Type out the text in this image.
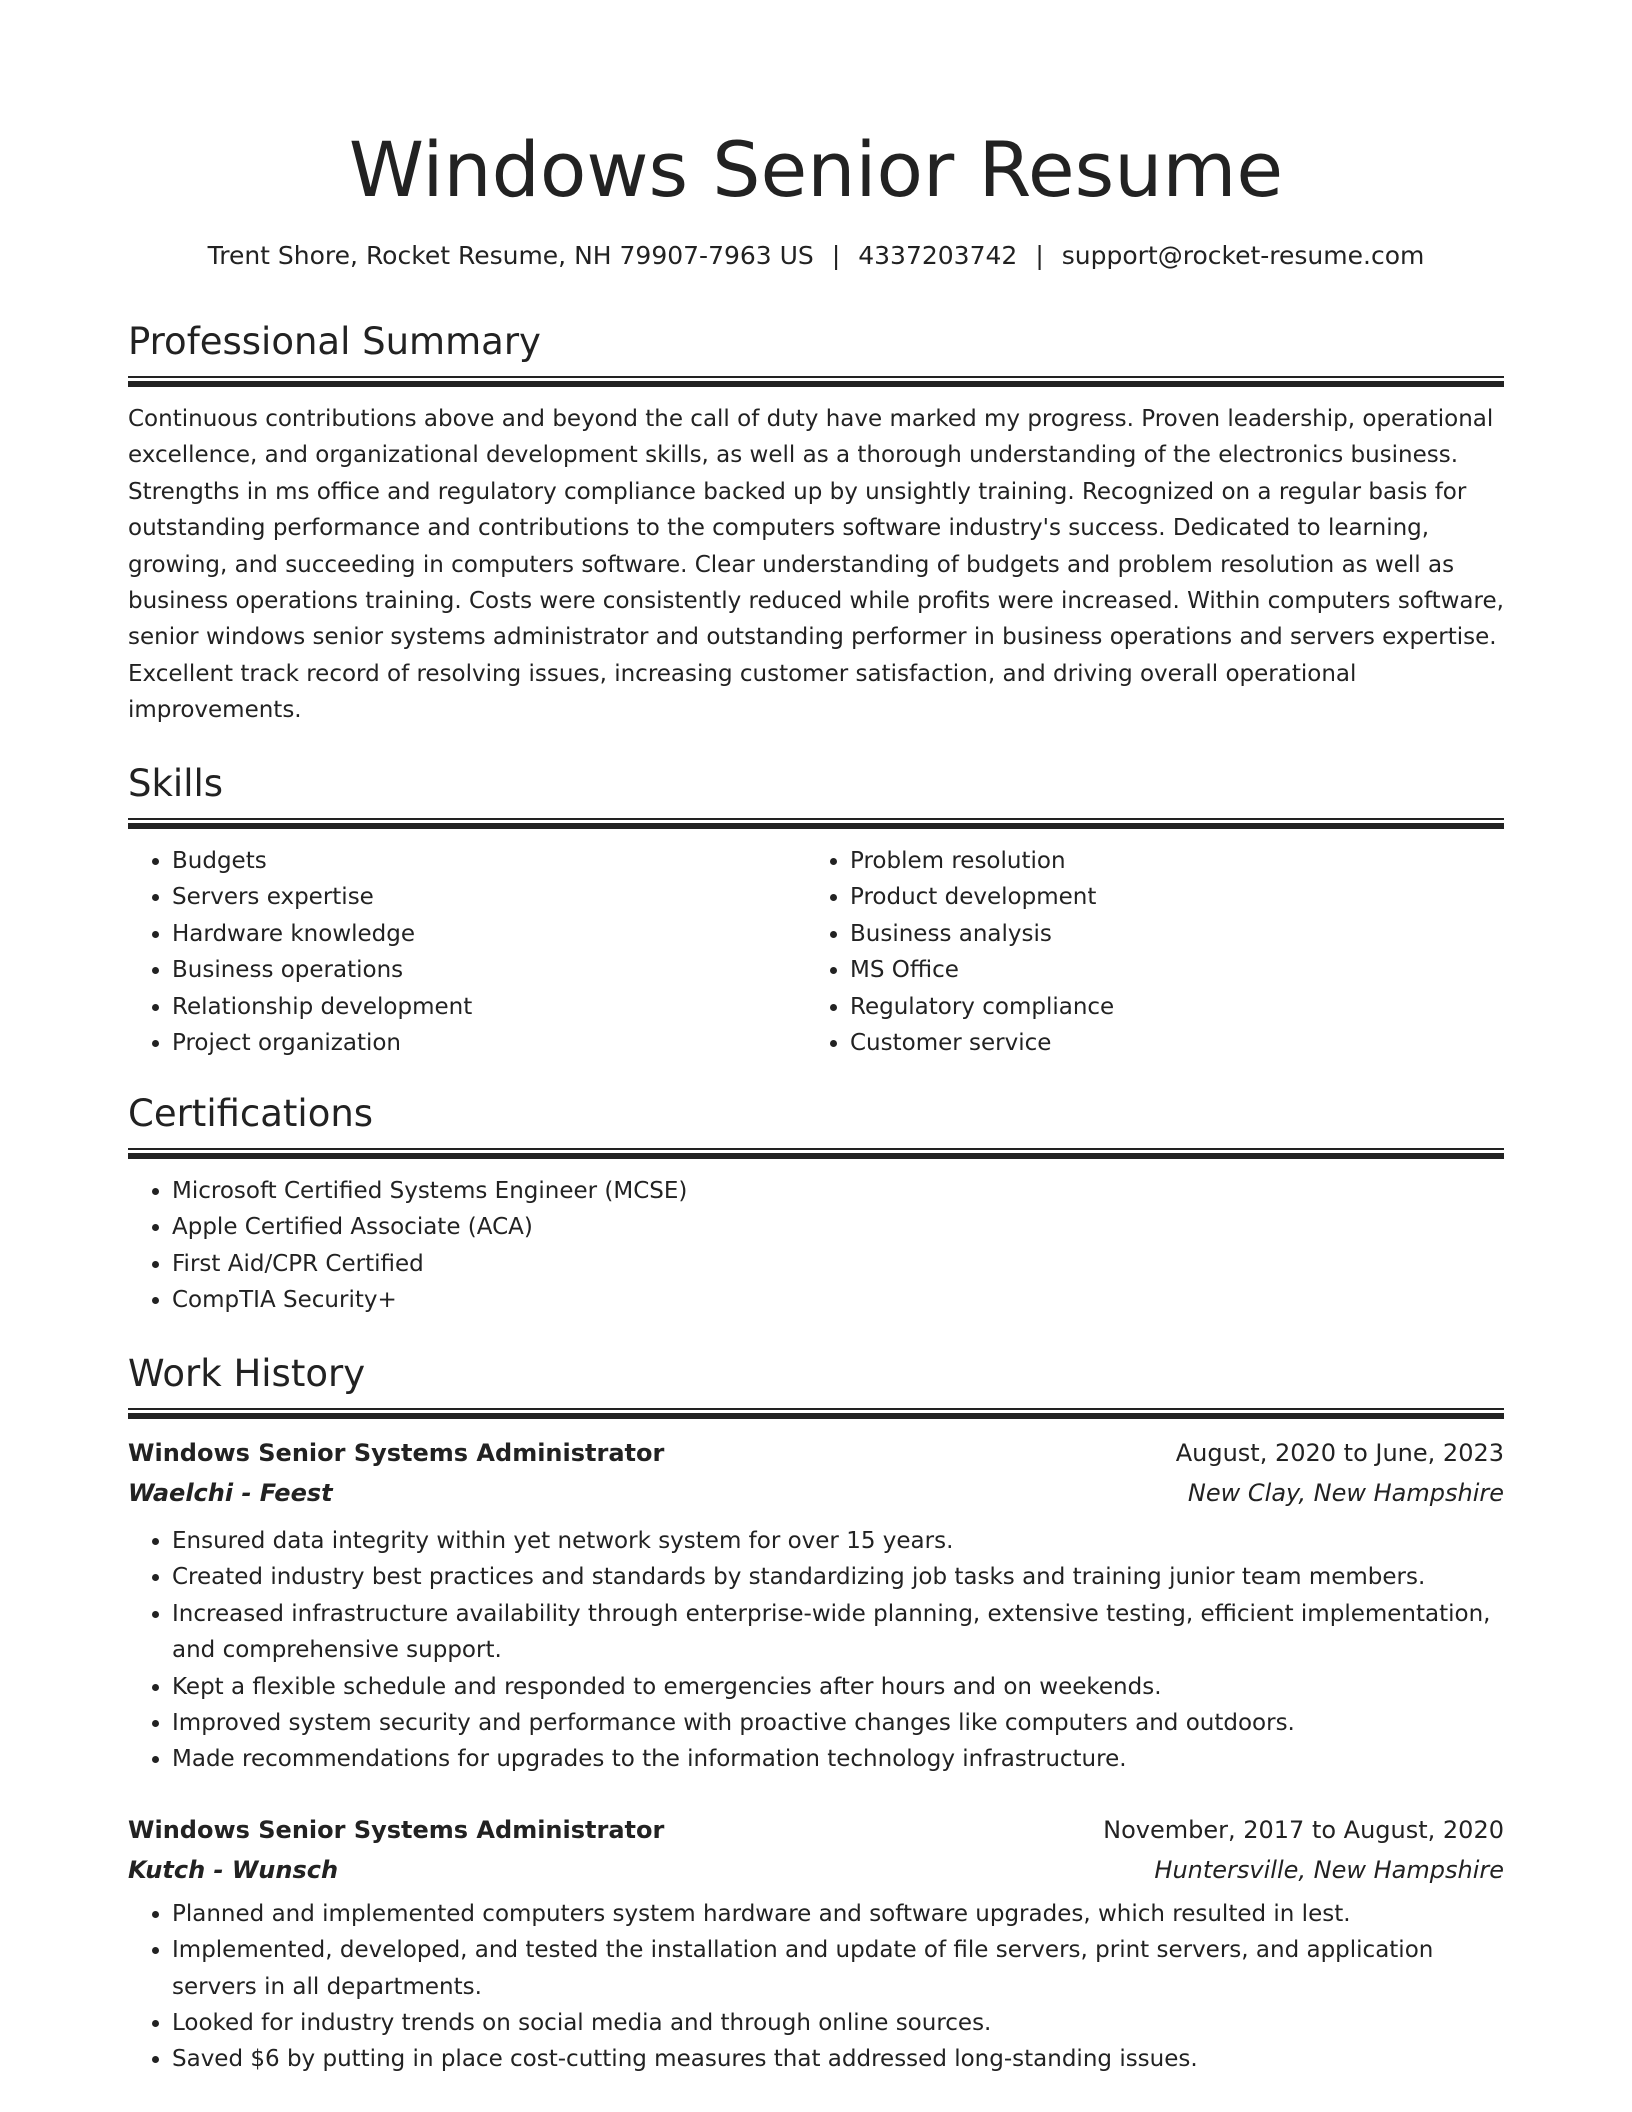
Windows Senior Resume
Trent Shore, Rocket Resume, NH 79907-7963 US | 4337203742 | support@rocket-resume.com
Professional Summary

Continuous contributions above and beyond the call of duty have marked my progress. Proven leadership, operational excellence, and organizational development skills, as well as a thorough understanding of the electronics business. Strengths in ms office and regulatory compliance backed up by unsightly training. Recognized on a regular basis for outstanding performance and contributions to the computers software industry's success. Dedicated to learning, growing, and succeeding in computers software. Clear understanding of budgets and problem resolution as well as business operations training. Costs were consistently reduced while profits were increased. Within computers software, senior windows senior systems administrator and outstanding performer in business operations and servers expertise. Excellent track record of resolving issues, increasing customer satisfaction, and driving overall operational improvements.

Skills
• Budgets
• Servers expertise
• Hardware knowledge
• Business operations
• Relationship development
• Project organization
• Problem resolution
• Product development
• Business analysis
• MS Office
• Regulatory compliance
• Customer service
Certifications
• Microsoft Certified Systems Engineer (MCSE)
• Apple Certified Associate (ACA)
• First Aid/CPR Certified
• CompTIA Security+
Work History
Windows Senior Systems Administrator	August, 2020 to June, 2023
Waelchi - Feest	New Clay, New Hampshire
• Ensured data integrity within yet network system for over 15 years.
• Created industry best practices and standards by standardizing job tasks and training junior team members.
• Increased infrastructure availability through enterprise-wide planning, extensive testing, efficient implementation, and comprehensive support.
• Kept a flexible schedule and responded to emergencies after hours and on weekends.
• Improved system security and performance with proactive changes like computers and outdoors.
• Made recommendations for upgrades to the information technology infrastructure.
Windows Senior Systems Administrator	November, 2017 to August, 2020
Kutch - Wunsch	Huntersville, New Hampshire
• Planned and implemented computers system hardware and software upgrades, which resulted in lest.
• Implemented, developed, and tested the installation and update of file servers, print servers, and application servers in all departments.
• Looked for industry trends on social media and through online sources.
• Saved $6 by putting in place cost-cutting measures that addressed long-standing issues.
